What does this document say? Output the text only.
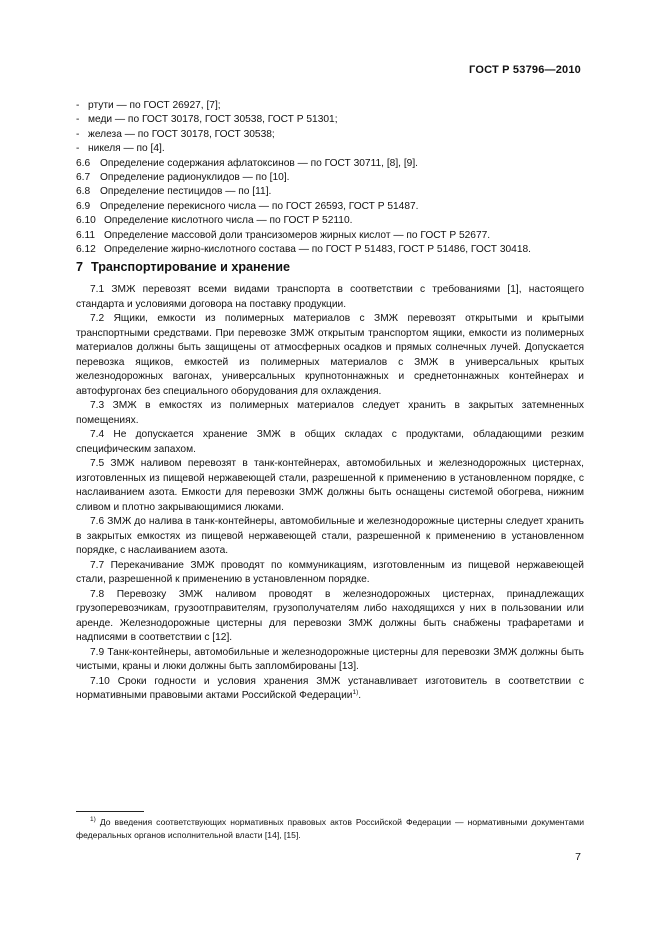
ГОСТ Р 53796—2010
- ртути — по ГОСТ 26927, [7];
- меди — по ГОСТ 30178, ГОСТ 30538, ГОСТ Р 51301;
- железа — по ГОСТ 30178, ГОСТ 30538;
- никеля — по [4].
6.6 Определение содержания афлатоксинов — по ГОСТ 30711, [8], [9].
6.7 Определение радионуклидов — по [10].
6.8 Определение пестицидов — по [11].
6.9 Определение перекисного числа — по ГОСТ 26593, ГОСТ Р 51487.
6.10 Определение кислотного числа — по ГОСТ Р 52110.
6.11 Определение массовой доли трансизомеров жирных кислот — по ГОСТ Р 52677.
6.12 Определение жирно-кислотного состава — по ГОСТ Р 51483, ГОСТ Р 51486, ГОСТ 30418.
7 Транспортирование и хранение

7.1 ЗМЖ перевозят всеми видами транспорта в соответствии с требованиями [1], настоящего стандарта и условиями договора на поставку продукции.

7.2 Ящики, емкости из полимерных материалов с ЗМЖ перевозят открытыми и крытыми транспортными средствами. При перевозке ЗМЖ открытым транспортом ящики, емкости из полимерных материалов должны быть защищены от атмосферных осадков и прямых солнечных лучей. Допускается перевозка ящиков, емкостей из полимерных материалов с ЗМЖ в универсальных крытых железнодорожных вагонах, универсальных крупнотоннажных и среднетоннажных контейнерах и автофургонах без специального оборудования для охлаждения.

7.3 ЗМЖ в емкостях из полимерных материалов следует хранить в закрытых затемненных помещениях.

7.4 Не допускается хранение ЗМЖ в общих складах с продуктами, обладающими резким специфическим запахом.

7.5 ЗМЖ наливом перевозят в танк-контейнерах, автомобильных и железнодорожных цистернах, изготовленных из пищевой нержавеющей стали, разрешенной к применению в установленном порядке, с наслаиванием азота. Емкости для перевозки ЗМЖ должны быть оснащены системой обогрева, нижним сливом и плотно закрывающимися люками.

7.6 ЗМЖ до налива в танк-контейнеры, автомобильные и железнодорожные цистерны следует хранить в закрытых емкостях из пищевой нержавеющей стали, разрешенной к применению в установленном порядке, с наслаиванием азота.

7.7 Перекачивание ЗМЖ проводят по коммуникациям, изготовленным из пищевой нержавеющей стали, разрешенной к применению в установленном порядке.

7.8 Перевозку ЗМЖ наливом проводят в железнодорожных цистернах, принадлежащих грузоперевозчикам, грузоотправителям, грузополучателям либо находящихся у них в пользовании или аренде. Железнодорожные цистерны для перевозки ЗМЖ должны быть снабжены трафаретами и надписями в соответствии с [12].

7.9 Танк-контейнеры, автомобильные и железнодорожные цистерны для перевозки ЗМЖ должны быть чистыми, краны и люки должны быть запломбированы [13].

7.10 Сроки годности и условия хранения ЗМЖ устанавливает изготовитель в соответствии с нормативными правовыми актами Российской Федерации$^{1)}$.

$^{1)}$ До введения соответствующих нормативных правовых актов Российской Федерации — нормативными документами федеральных органов исполнительной власти [14], [15].
7
